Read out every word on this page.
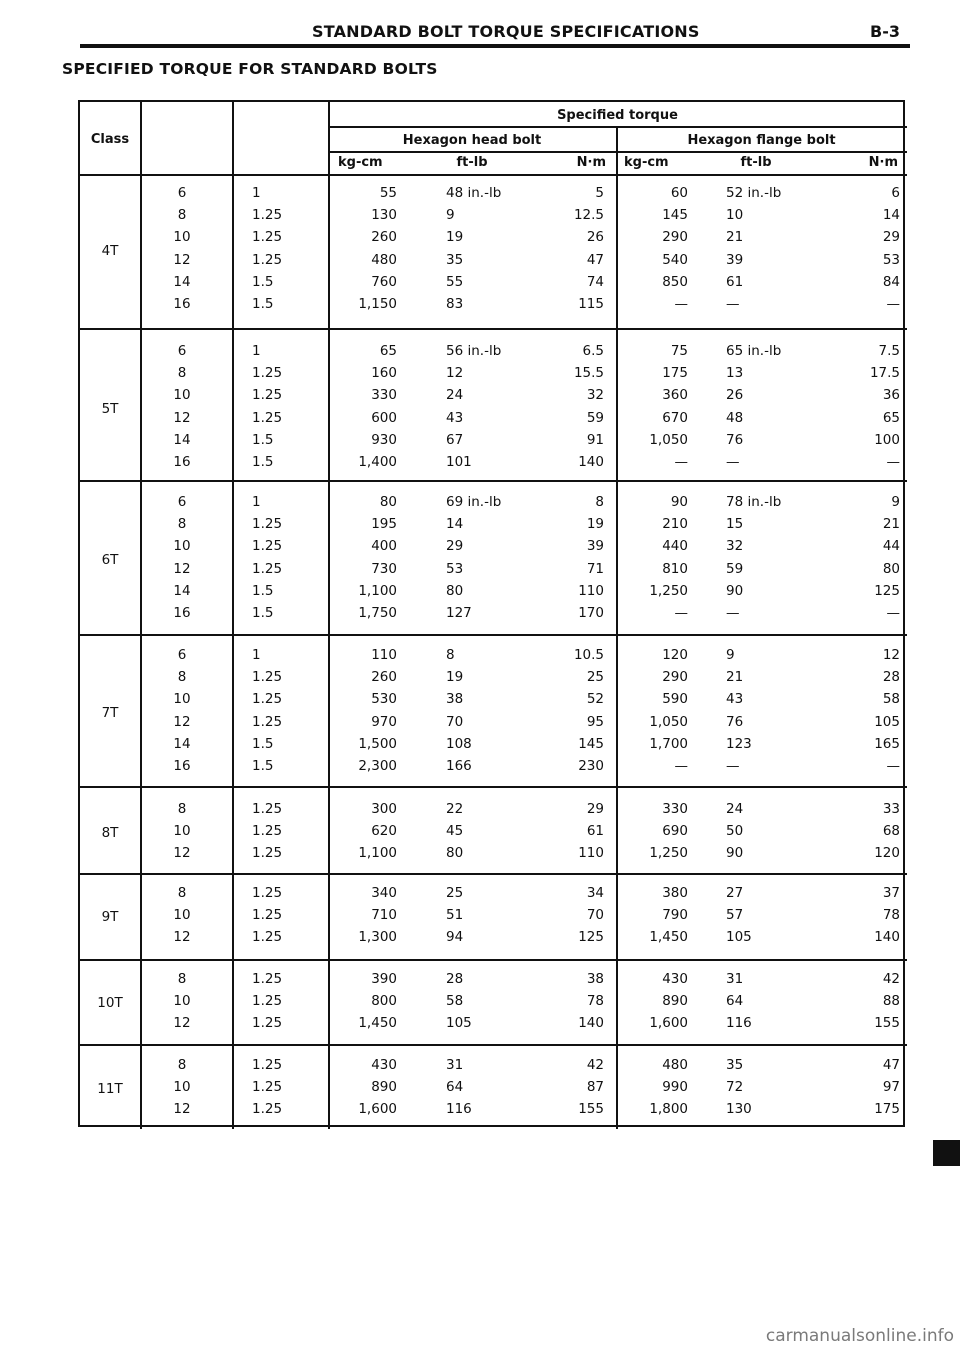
STANDARD BOLT TORQUE SPECIFICATIONS	B-3
SPECIFIED TORQUE FOR STANDARD BOLTS
Class
Specified torque
Hexagon head bolt	Hexagon flange bolt
kg-cm	ft-lb	N·m kg-cm	ft-lb	N·m
4T
6	1	55	48 in.-lb	5	60	52 in.-lb	6
8	1.25	130	9	12.5	145	10	14
10	1.25	260	19	26	290	21	29
12	1.25	480	35	47	540	39	53
14	1.5	760	55	74	850	61	84
16	1.5	1,150	83	115	—	—	—
5T
6	1	65	56 in.-lb	6.5	75	65 in.-lb	7.5
8	1.25	160	12	15.5	175	13	17.5
10	1.25	330	24	32	360	26	36
12	1.25	600	43	59	670	48	65
14	1.5	930	67	91	1,050	76	100
16	1.5	1,400	101	140	—	—	—
6T
6	1	80	69 in.-lb	8	90	78 in.-lb	9
8	1.25	195	14	19	210	15	21
10	1.25	400	29	39	440	32	44
12	1.25	730	53	71	810	59	80
14	1.5	1,100	80	110	1,250	90	125
16	1.5	1,750	127	170	—	—	—
7T
6	1	110	8	10.5	120	9	12
8	1.25	260	19	25	290	21	28
10	1.25	530	38	52	590	43	58
12	1.25	970	70	95	1,050	76	105
14	1.5	1,500	108	145	1,700	123	165
16	1.5	2,300	166	230	—	—	—
8T
8	1.25	300	22	29	330	24	33
10	1.25	620	45	61	690	50	68
12	1.25	1,100	80	110	1,250	90	120
9T
8	1.25	340	25	34	380	27	37
10	1.25	710	51	70	790	57	78
12	1.25	1,300	94	125	1,450	105	140
10T
8	1.25	390	28	38	430	31	42
10	1.25	800	58	78	890	64	88
12	1.25	1,450	105	140	1,600	116	155
11T
8	1.25	430	31	42	480	35	47
10	1.25	890	64	87	990	72	97
12	1.25	1,600	116	155	1,800	130	175
carmanualsonline.info
